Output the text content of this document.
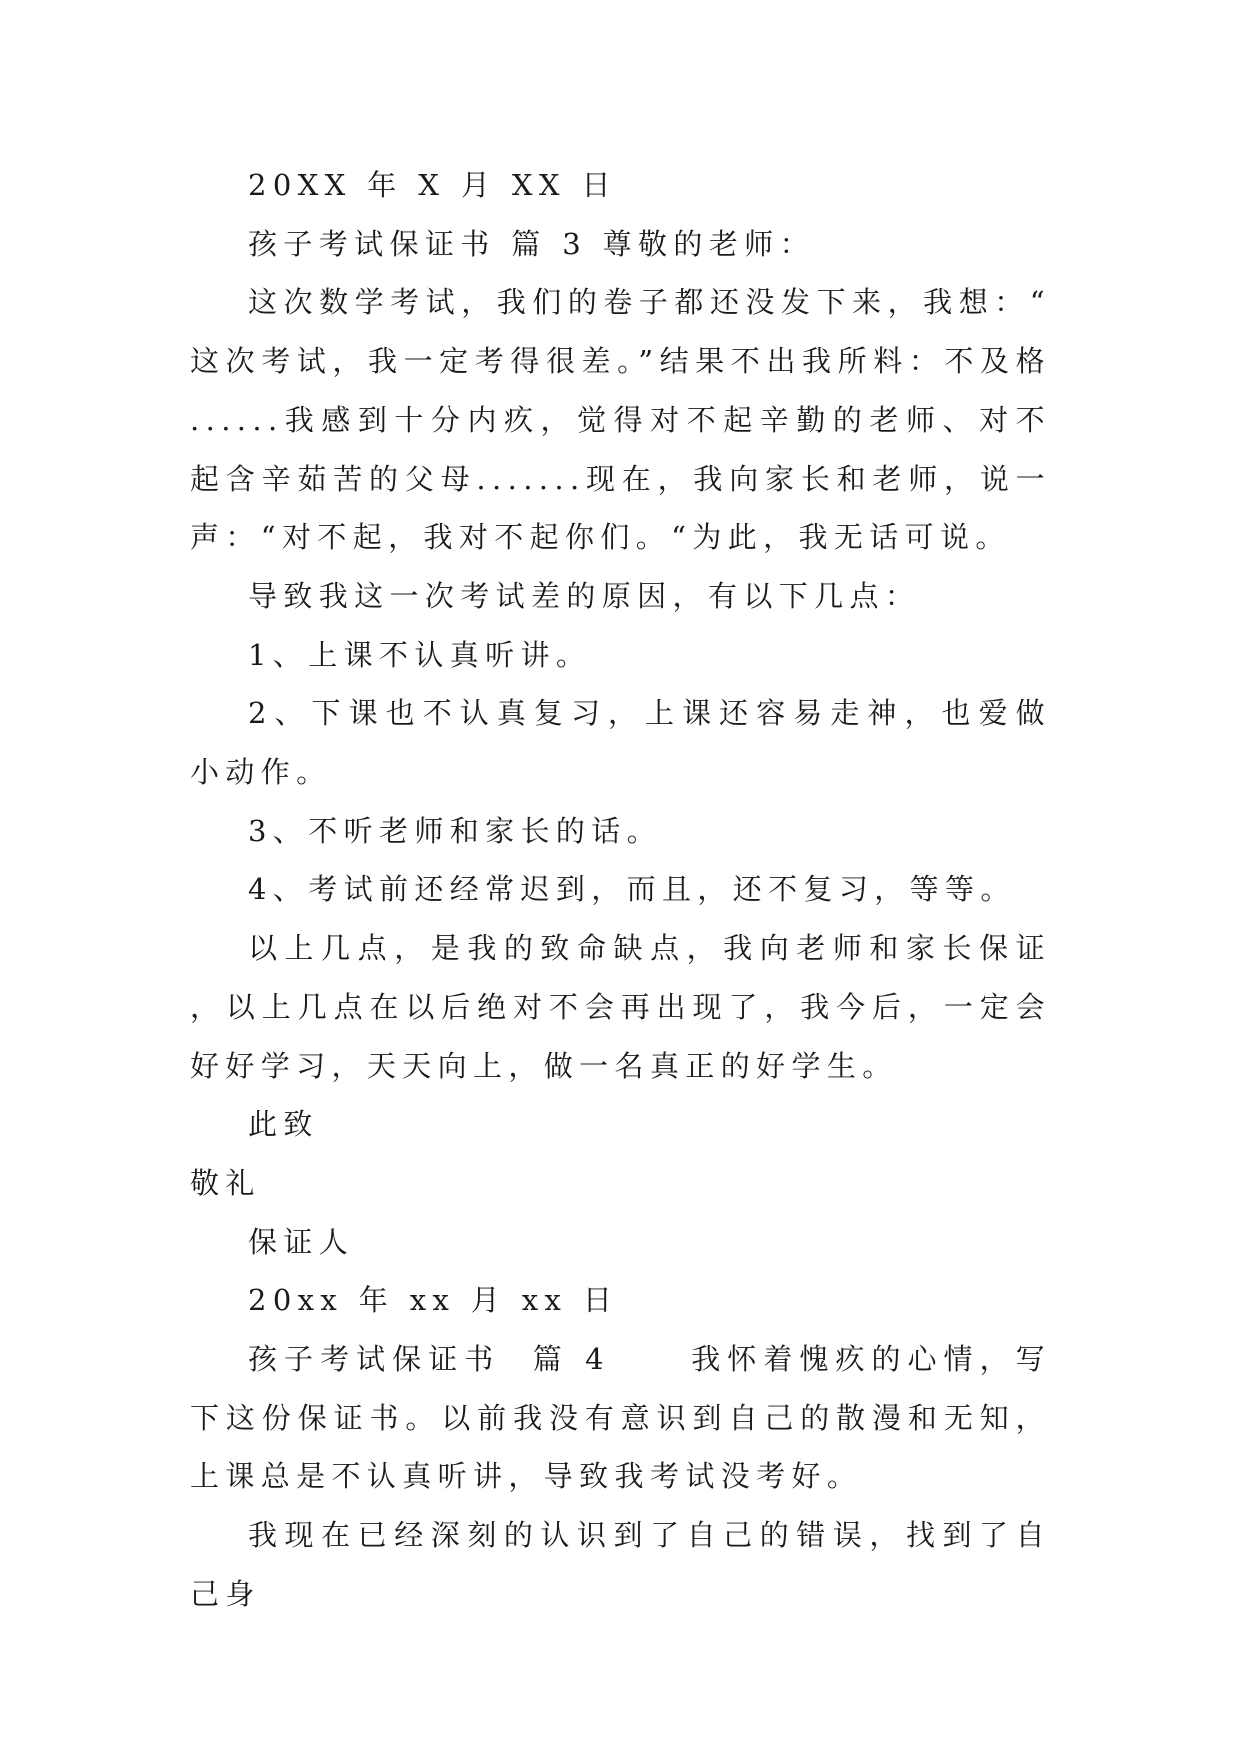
20XX 年 X 月 XX 日

孩子考试保证书 篇 3 尊敬的老师：

这次数学考试，我们的卷子都还没发下来，我想：“这次考试，我一定考得很差。”结果不出我所料：不及格......我感到十分内疚，觉得对不起辛勤的老师、对不起含辛茹苦的父母.......现在，我向家长和老师，说一声：“对不起，我对不起你们。“为此，我无话可说。

导致我这一次考试差的原因，有以下几点：

1、上课不认真听讲。

2、下课也不认真复习，上课还容易走神，也爱做小动作。

3、不听老师和家长的话。

4、考试前还经常迟到，而且，还不复习，等等。

以上几点，是我的致命缺点，我向老师和家长保证，以上几点在以后绝对不会再出现了，我今后，一定会好好学习，天天向上，做一名真正的好学生。

此致

敬礼

保证人

20xx 年 xx 月 xx 日

孩子考试保证书  篇 4     我怀着愧疚的心情，写下这份保证书。以前我没有意识到自己的散漫和无知，上课总是不认真听讲，导致我考试没考好。

我现在已经深刻的认识到了自己的错误，找到了自己身
